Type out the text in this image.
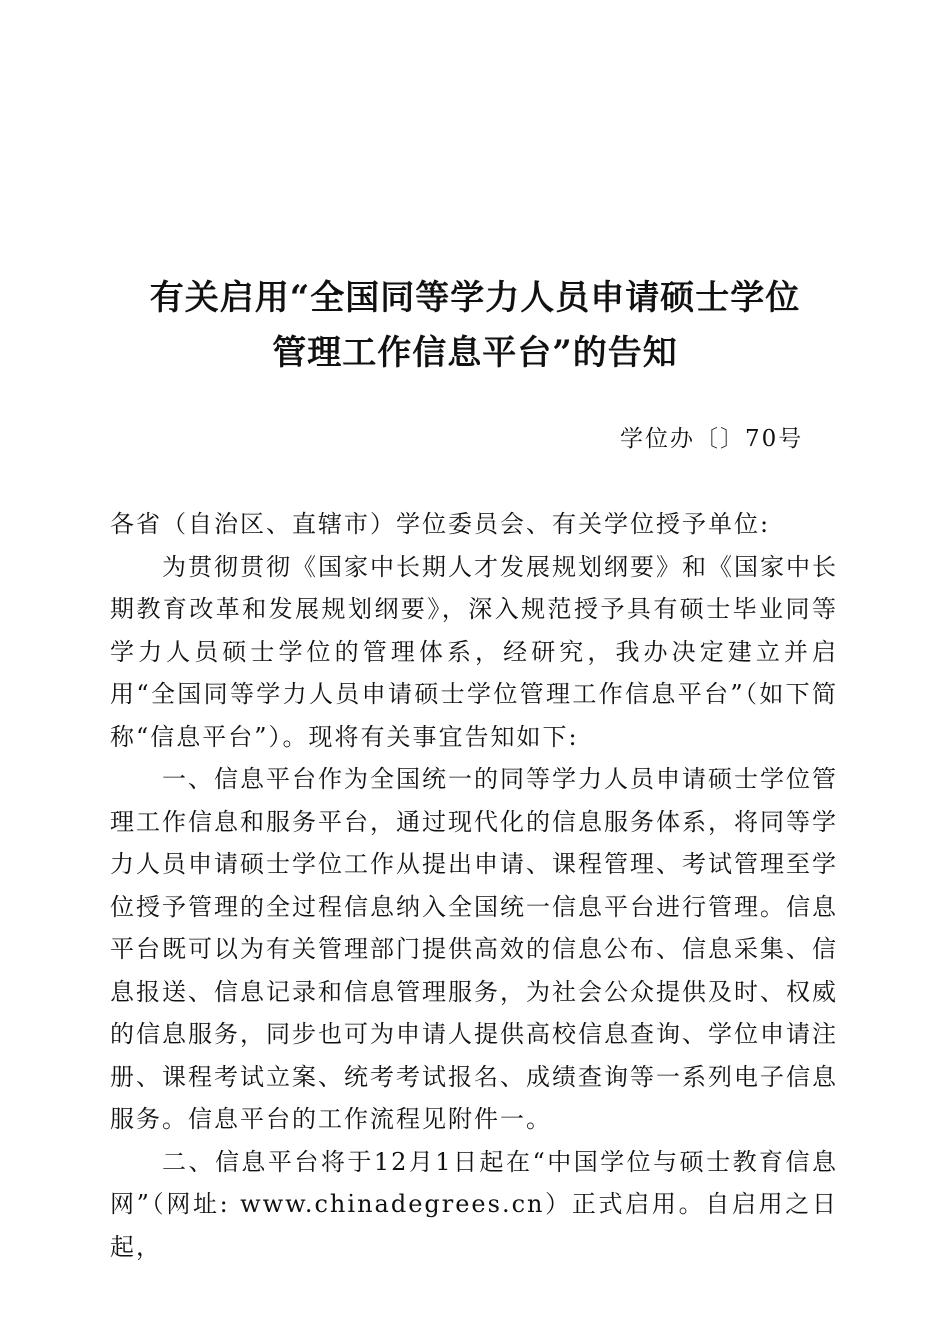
有关启用“全国同等学力人员申请硕士学位
管理工作信息平台”的告知
学位办〔〕70号

各省（自治区、直辖市）学位委员会、有关学位授予单位:

为贯彻贯彻《国家中长期人才发展规划纲要》和《国家中长期教育改革和发展规划纲要》，深入规范授予具有硕士毕业同等学力人员硕士学位的管理体系，经研究，我办决定建立并启用“全国同等学力人员申请硕士学位管理工作信息平台”（如下简称“信息平台”）。现将有关事宜告知如下:

一、信息平台作为全国统一的同等学力人员申请硕士学位管理工作信息和服务平台，通过现代化的信息服务体系，将同等学力人员申请硕士学位工作从提出申请、课程管理、考试管理至学位授予管理的全过程信息纳入全国统一信息平台进行管理。信息平台既可以为有关管理部门提供高效的信息公布、信息采集、信息报送、信息记录和信息管理服务，为社会公众提供及时、权威的信息服务，同步也可为申请人提供高校信息查询、学位申请注册、课程考试立案、统考考试报名、成绩查询等一系列电子信息服务。信息平台的工作流程见附件一。

二、信息平台将于12月1日起在“中国学位与硕士教育信息网”（网址: www.chinadegrees.cn）正式启用。自启用之日起，
